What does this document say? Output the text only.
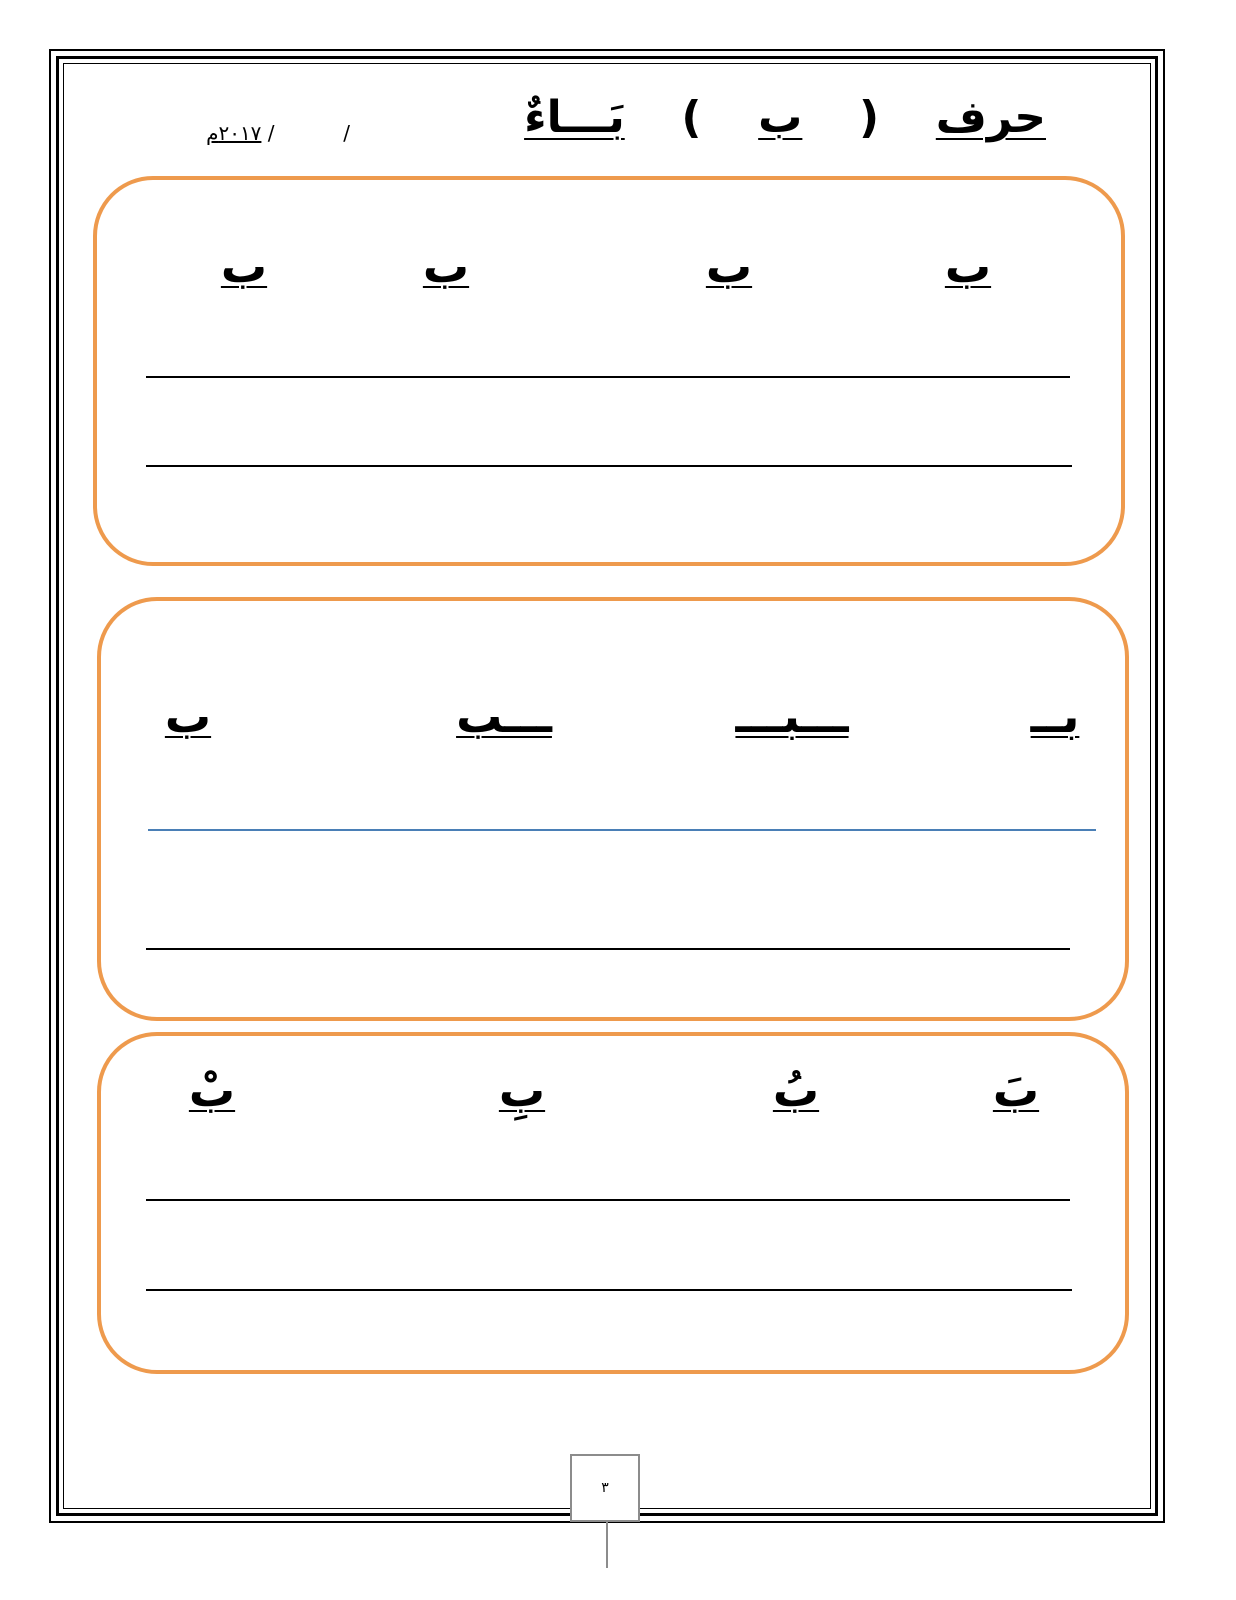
حرف  (  ب  )  بَـــاءٌ
/  / ٢٠١٧م
ب
ب
ب
ب
بــ
ـــبـــ
ـــب
ب
بَ
بُ
بِ
بْ
٣
